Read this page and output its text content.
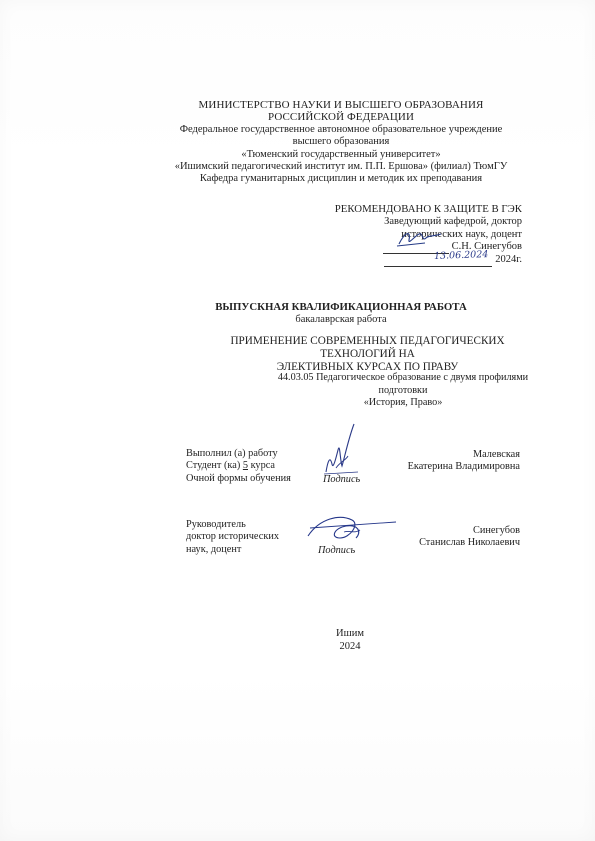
МИНИСТЕРСТВО НАУКИ И ВЫСШЕГО ОБРАЗОВАНИЯ
РОССИЙСКОЙ ФЕДЕРАЦИИ
Федеральное государственное автономное образовательное учреждение
высшего образования
«Тюменский государственный университет»
«Ишимский педагогический институт им. П.П. Ершова» (филиал) ТюмГУ
Кафедра гуманитарных дисциплин и методик их преподавания
РЕКОМЕНДОВАНО К ЗАЩИТЕ В ГЭК
Заведующий кафедрой, доктор
исторических наук, доцент
С.Н. Синегубов
13.06.2024 2024г.
ВЫПУСКНАЯ КВАЛИФИКАЦИОННАЯ РАБОТА
бакалаврская работа
ПРИМЕНЕНИЕ СОВРЕМЕННЫХ ПЕДАГОГИЧЕСКИХ ТЕХНОЛОГИЙ НА
ЭЛЕКТИВНЫХ КУРСАХ ПО ПРАВУ
44.03.05 Педагогическое образование с двумя профилями подготовки
«История, Право»
Выполнил (а) работу
Студент (ка) 5 курса
Очной формы обучения	Подпись
Малевская
Екатерина Владимировна
Руководитель
доктор исторических
наук, доцент	Подпись
Синегубов
Станислав Николаевич
Ишим
2024
